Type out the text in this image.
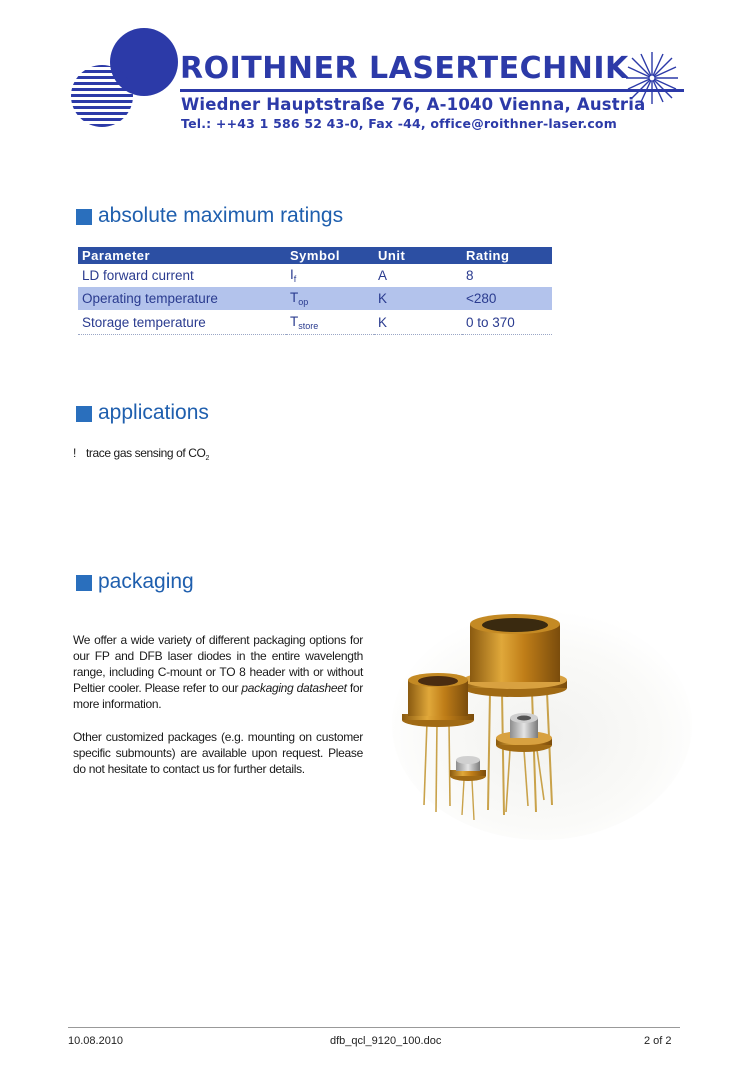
ROITHNER LASERTECHNIK
Wiedner Hauptstraße 76, A-1040 Vienna, Austria
Tel.: ++43 1 586 52 43-0, Fax -44, office@roithner-laser.com
absolute maximum ratings
Parameter	Symbol	Unit	Rating
LD forward current	$I_f$	A	8
Operating temperature	$T_{op}$	K	<280
Storage temperature	$T_{store}$	K	0 to 370
applications
! trace gas sensing of $CO_2$
packaging

We offer a wide variety of different packaging options for our FP and DFB laser diodes in the entire wavelength range, including C-mount or TO 8 header with or without Peltier cooler. Please refer to our packaging datasheet for more information.

Other customized packages (e.g. mounting on customer specific submounts) are available upon request. Please do not hesitate to contact us for further details.

10.08.2010	dfb_qcl_9120_100.doc	2 of 2
